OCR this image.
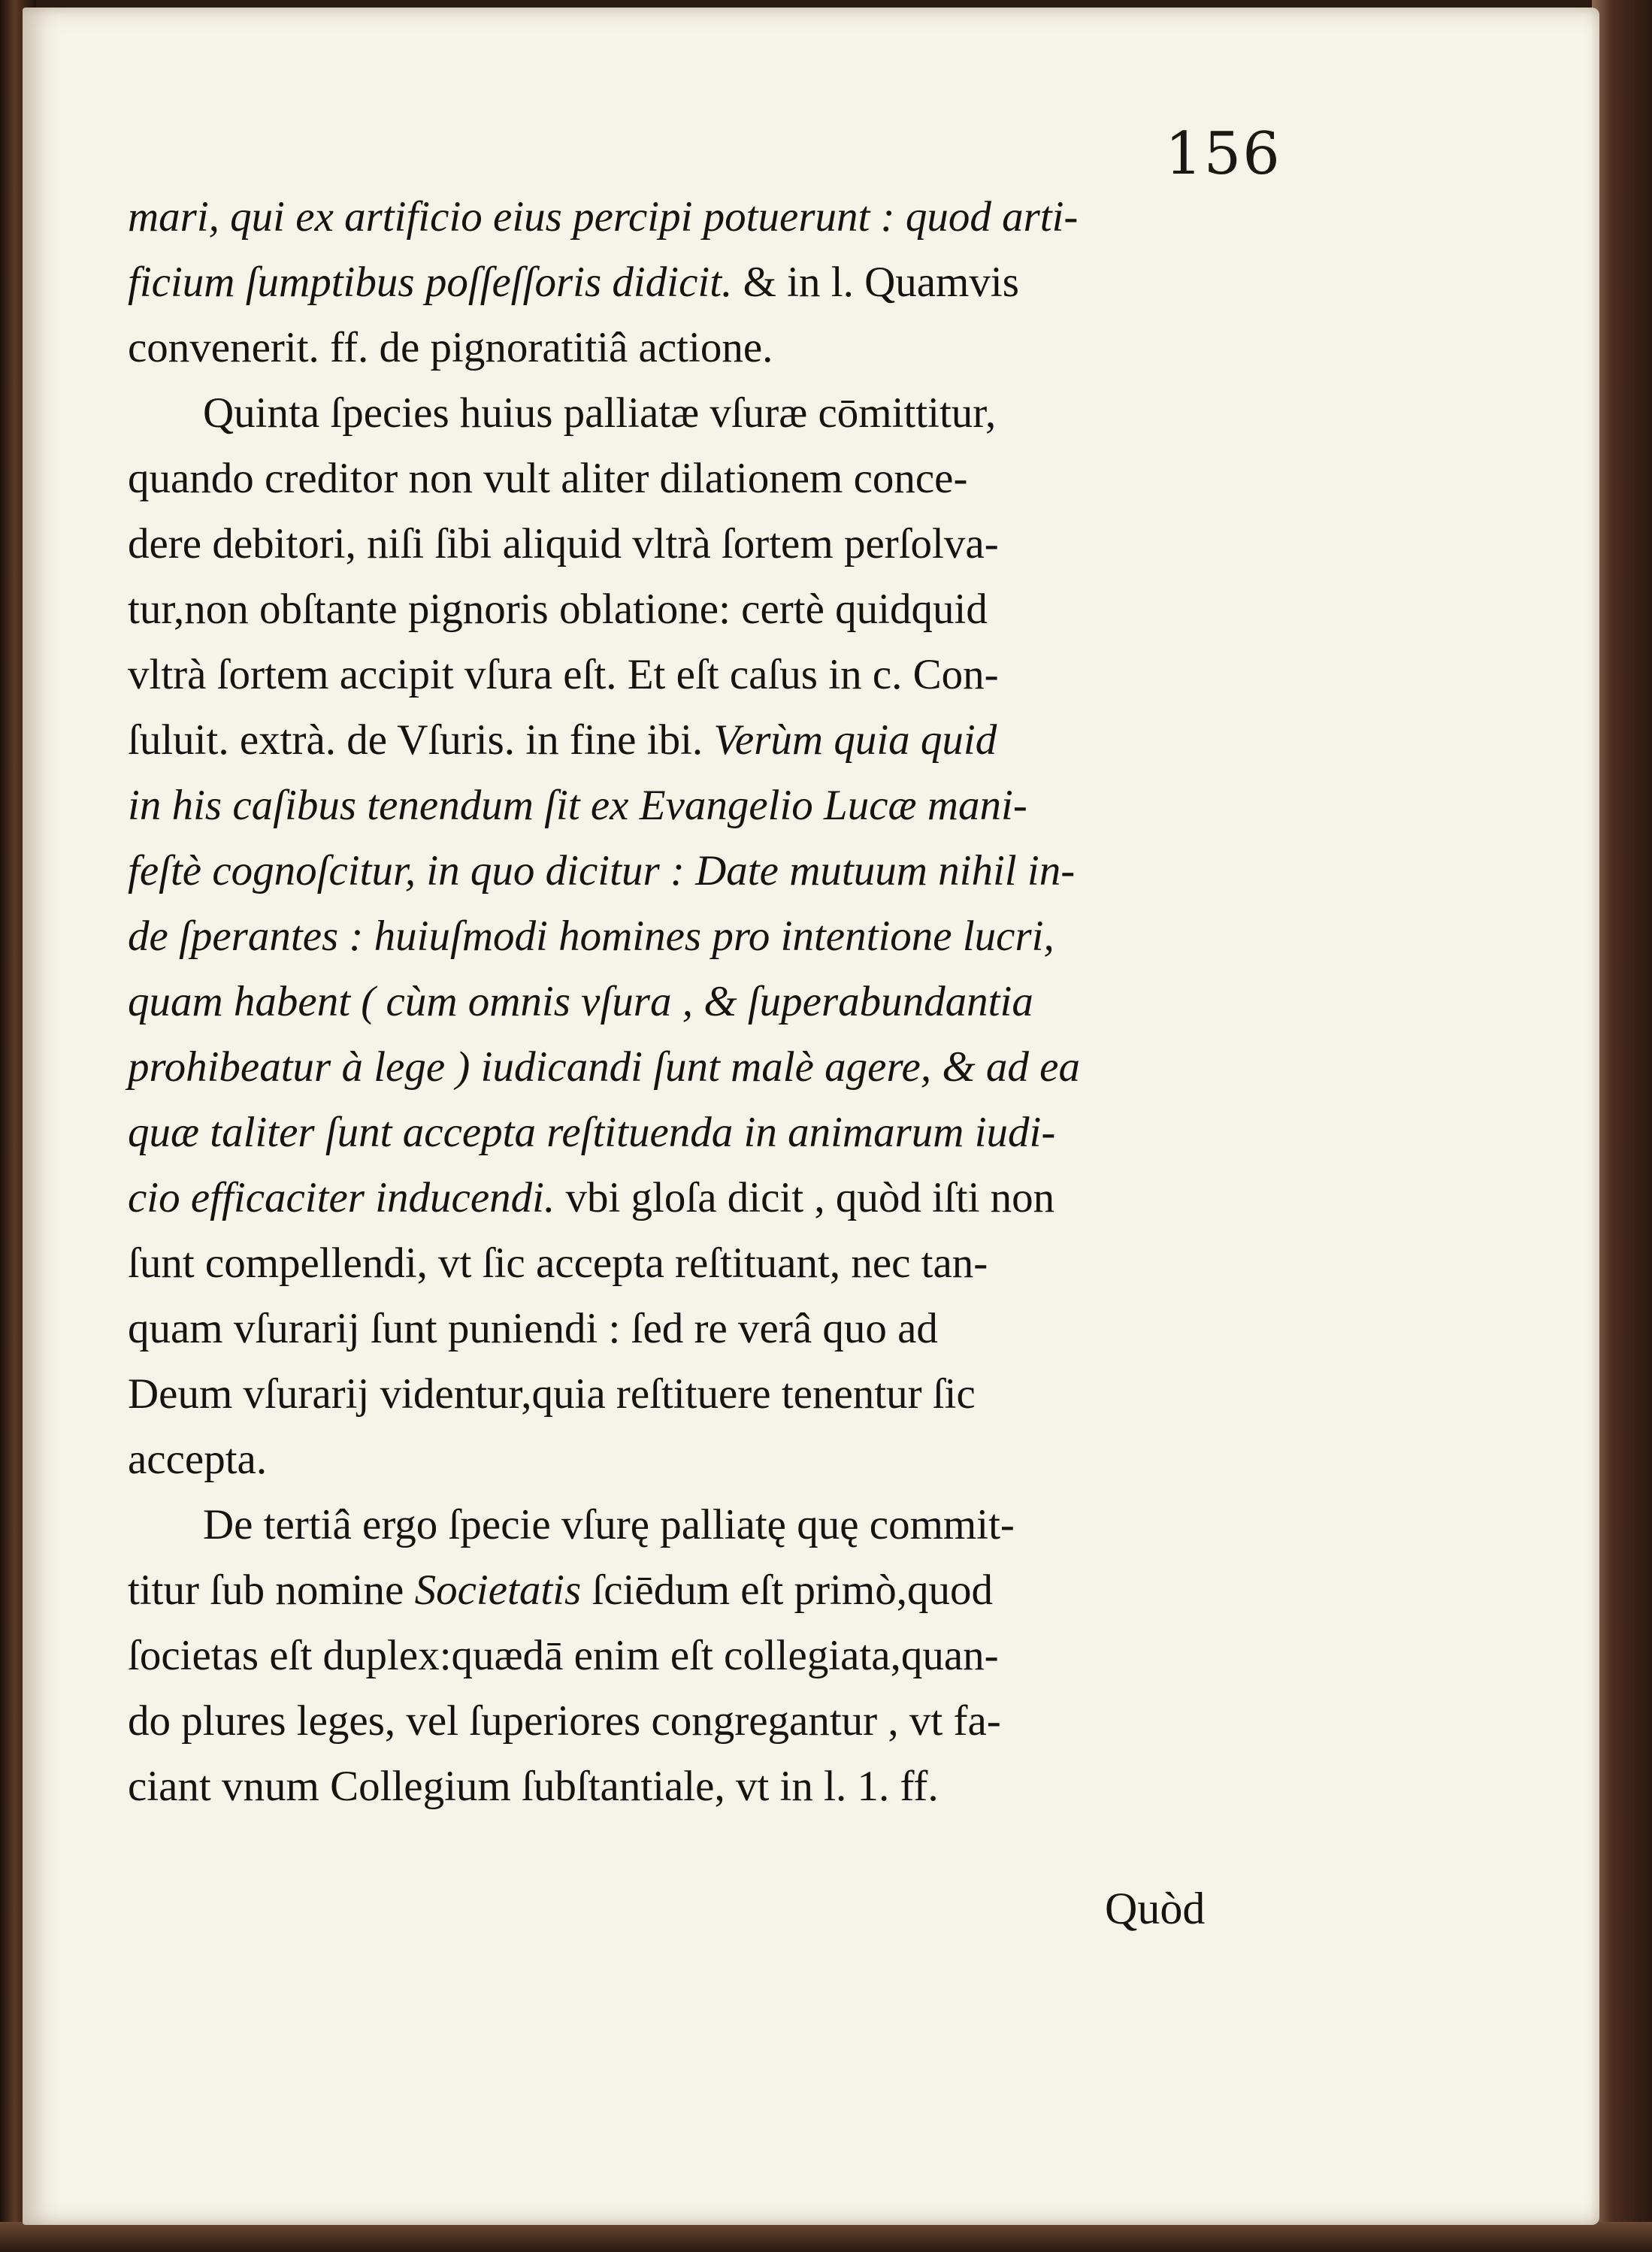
156
mari, qui ex artificio eius percipi potuerunt : quod arti-
ficium ſumptibus poſſeſſoris didicit. & in l. Quamvis
convenerit. ff. de pignoratitiâ actione.
Quinta ſpecies huius palliatæ vſuræ cōmittitur,
quando creditor non vult aliter dilationem conce-
dere debitori, niſi ſibi aliquid vltrà ſortem perſolva-
tur,non obſtante pignoris oblatione: certè quidquid
vltrà ſortem accipit vſura eſt. Et eſt caſus in c. Con-
ſuluit. extrà. de Vſuris. in fine ibi. Verùm quia quid
in his caſibus tenendum ſit ex Evangelio Lucæ mani-
feſtè cognoſcitur, in quo dicitur : Date mutuum nihil in-
de ſperantes : huiuſmodi homines pro intentione lucri,
quam habent ( cùm omnis vſura , & ſuperabundantia
prohibeatur à lege ) iudicandi ſunt malè agere, & ad ea
quæ taliter ſunt accepta reſtituenda in animarum iudi-
cio efficaciter inducendi. vbi gloſa dicit , quòd iſti non
ſunt compellendi, vt ſic accepta reſtituant, nec tan-
quam vſurarij ſunt puniendi : ſed re verâ quo ad
Deum vſurarij videntur,quia reſtituere tenentur ſic
accepta.
De tertiâ ergo ſpecie vſurę palliatę quę commit-
titur ſub nomine Societatis ſciēdum eſt primò,quod
ſocietas eſt duplex:quædā enim eſt collegiata,quan-
do plures leges, vel ſuperiores congregantur , vt fa-
ciant vnum Collegium ſubſtantiale, vt in l. 1. ff.
Quòd
